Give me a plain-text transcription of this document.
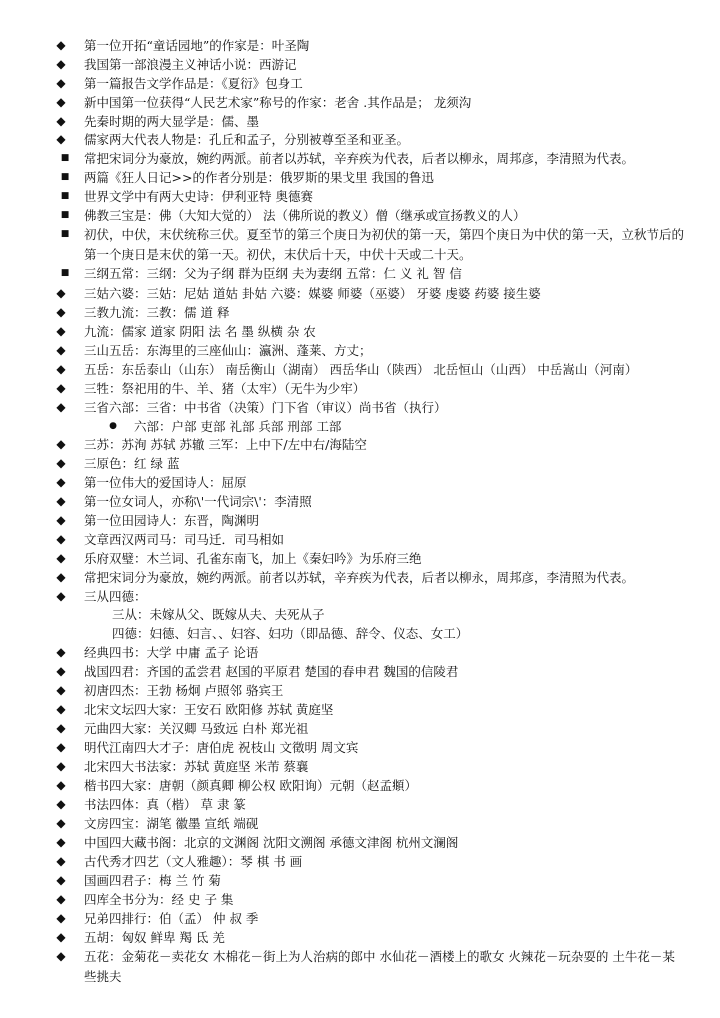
◆ 第一位开拓“童话园地”的作家是：叶圣陶
◆ 我国第一部浪漫主义神话小说：西游记
◆ 第一篇报告文学作品是：《夏衍》包身工
◆ 新中国第一位获得“人民艺术家”称号的作家：老舍 .其作品是； 龙须沟
◆ 先秦时期的两大显学是：儒、墨
◆ 儒家两大代表人物是：孔丘和孟子，分别被尊至圣和亚圣。
■ 常把宋词分为豪放，婉约两派。前者以苏轼，辛弃疾为代表，后者以柳永，周邦彦，李清照为代表。
■ 两篇《狂人日记>>的作者分别是：俄罗斯的果戈里 我国的鲁迅
■ 世界文学中有两大史诗：伊利亚特 奥德赛
■ 佛教三宝是：佛（大知大觉的） 法（佛所说的教义）僧（继承或宣扬教义的人）
■ 初伏，中伏，末伏统称三伏。夏至节的第三个庚日为初伏的第一天，第四个庚日为中伏的第一天，立秋节后的第一个庚日是末伏的第一天。初伏，末伏后十天，中伏十天或二十天。
■ 三纲五常：三纲：父为子纲 群为臣纲 夫为妻纲 五常：仁 义 礼 智 信
◆ 三姑六婆：三姑：尼姑 道姑 卦姑 六婆：媒婆 师婆（巫婆） 牙婆 虔婆 药婆 接生婆
◆ 三教九流：三教：儒 道 释
◆ 九流：儒家 道家 阴阳 法 名 墨 纵横 杂 农
◆ 三山五岳：东海里的三座仙山：瀛洲、蓬莱、方丈；
◆ 五岳：东岳泰山（山东） 南岳衡山（湖南） 西岳华山（陕西） 北岳恒山（山西） 中岳嵩山（河南）
◆ 三牲：祭祀用的牛、羊、猪（太牢）（无牛为少牢）
◆ 三省六部：三省：中书省（决策）门下省（审议）尚书省（执行）
● 六部：户部 吏部 礼部 兵部 刑部 工部
◆ 三苏：苏洵 苏轼 苏辙 三军：上中下/左中右/海陆空
◆ 三原色：红 绿 蓝
◆ 第一位伟大的爱国诗人：屈原
◆ 第一位女词人，亦称\'一代词宗\'：李清照
◆ 第一位田园诗人：东晋，陶渊明
◆ 文章西汉两司马：司马迁．司马相如
◆ 乐府双璧：木兰词、孔雀东南飞，加上《秦妇吟》为乐府三绝
◆ 常把宋词分为豪放，婉约两派。前者以苏轼，辛弃疾为代表，后者以柳永，周邦彦，李清照为代表。
◆ 三从四德：
三从：未嫁从父、既嫁从夫、夫死从子
四德：妇德、妇言、、妇容、妇功（即品德、辞令、仪态、女工）
◆ 经典四书：大学 中庸 孟子 论语
◆ 战国四君：齐国的孟尝君 赵国的平原君 楚国的春申君 魏国的信陵君
◆ 初唐四杰：王勃 杨炯 卢照邻 骆宾王
◆ 北宋文坛四大家：王安石 欧阳修 苏轼 黄庭坚
◆ 元曲四大家：关汉卿 马致远 白朴 郑光祖
◆ 明代江南四大才子：唐伯虎 祝枝山 文徵明 周文宾
◆ 北宋四大书法家：苏轼 黄庭坚 米芾 蔡襄
◆ 楷书四大家：唐朝（颜真卿 柳公权 欧阳询）元朝（赵孟頫）
◆ 书法四体：真（楷） 草 隶 篆
◆ 文房四宝：湖笔 徽墨 宣纸 端砚
◆ 中国四大藏书阁：北京的文渊阁 沈阳文溯阁 承德文津阁 杭州文澜阁
◆ 古代秀才四艺（文人雅趣）：琴 棋 书 画
◆ 国画四君子：梅 兰 竹 菊
◆ 四库全书分为：经 史 子 集
◆ 兄弟四排行：伯（孟） 仲 叔 季
◆ 五胡：匈奴 鲜卑 羯 氐 羌
◆ 五花：金菊花－卖花女 木棉花－街上为人治病的郎中 水仙花－酒楼上的歌女 火辣花－玩杂耍的 土牛花－某些挑夫
